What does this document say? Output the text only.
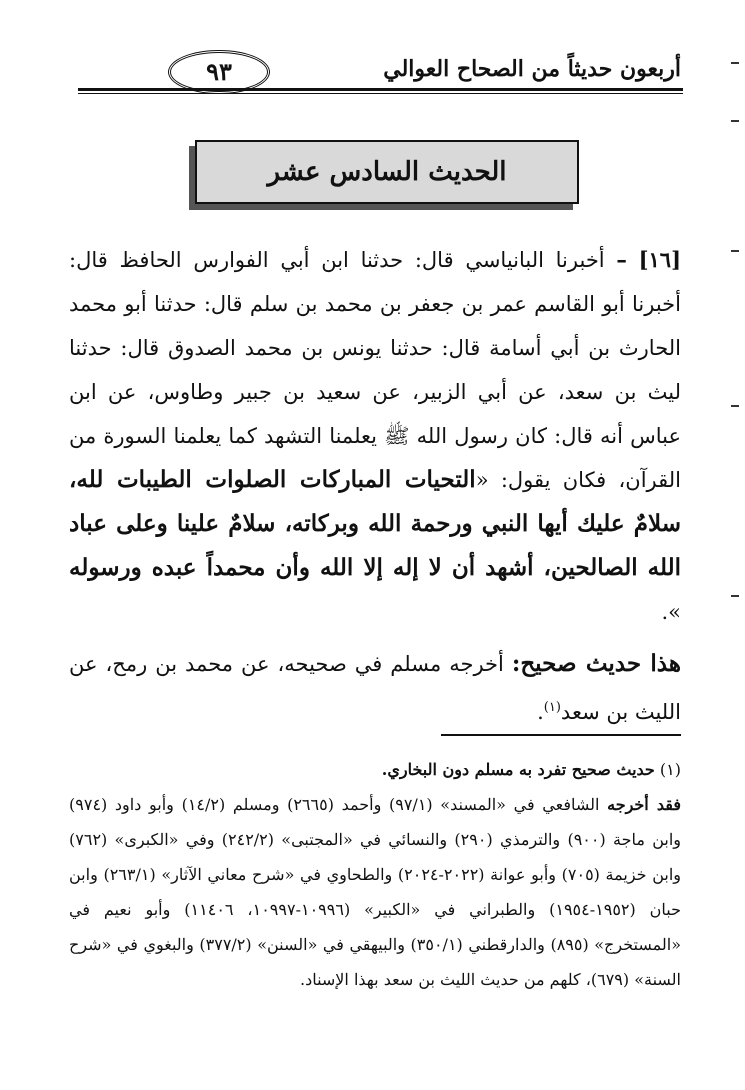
أربعون حديثاً من الصحاح العوالي
٩٣
الحديث السادس عشر

[١٦] – أخبرنا البانياسي قال: حدثنا ابن أبي الفوارس الحافظ قال: أخبرنا أبو القاسم عمر بن جعفر بن محمد بن سلم قال: حدثنا أبو محمد الحارث بن أبي أسامة قال: حدثنا يونس بن محمد الصدوق قال: حدثنا ليث بن سعد، عن أبي الزبير، عن سعيد بن جبير وطاوس، عن ابن عباس أنه قال: كان رسول الله ﷺ يعلمنا التشهد كما يعلمنا السورة من القرآن، فكان يقول: «التحيات المباركات الصلوات الطيبات لله، سلامٌ عليك أيها النبي ورحمة الله وبركاته، سلامٌ علينا وعلى عباد الله الصالحين، أشهد أن لا إله إلا الله وأن محمداً عبده ورسوله ».

هذا حديث صحيح: أخرجه مسلم في صحيحه، عن محمد بن رمح، عن الليث بن سعد$^{(١)}$.

(١) حديث صحيح تفرد به مسلم دون البخاري.

فقد أخرجه الشافعي في «المسند» (٩٧/١) وأحمد (٢٦٦٥) ومسلم (١٤/٢) وأبو داود (٩٧٤) وابن ماجة (٩٠٠) والترمذي (٢٩٠) والنسائي في «المجتبى» (٢٤٢/٢) وفي «الكبرى» (٧٦٢) وابن خزيمة (٧٠٥) وأبو عوانة (٢٠٢٢-٢٠٢٤) والطحاوي في «شرح معاني الآثار» (٢٦٣/١) وابن حبان (١٩٥٢-١٩٥٤) والطبراني في «الكبير» (١٠٩٩٦-١٠٩٩٧، ١١٤٠٦) وأبو نعيم في «المستخرج» (٨٩٥) والدارقطني (٣٥٠/١) والبيهقي في «السنن» (٣٧٧/٢) والبغوي في «شرح السنة» (٦٧٩)، كلهم من حديث الليث بن سعد بهذا الإسناد.
